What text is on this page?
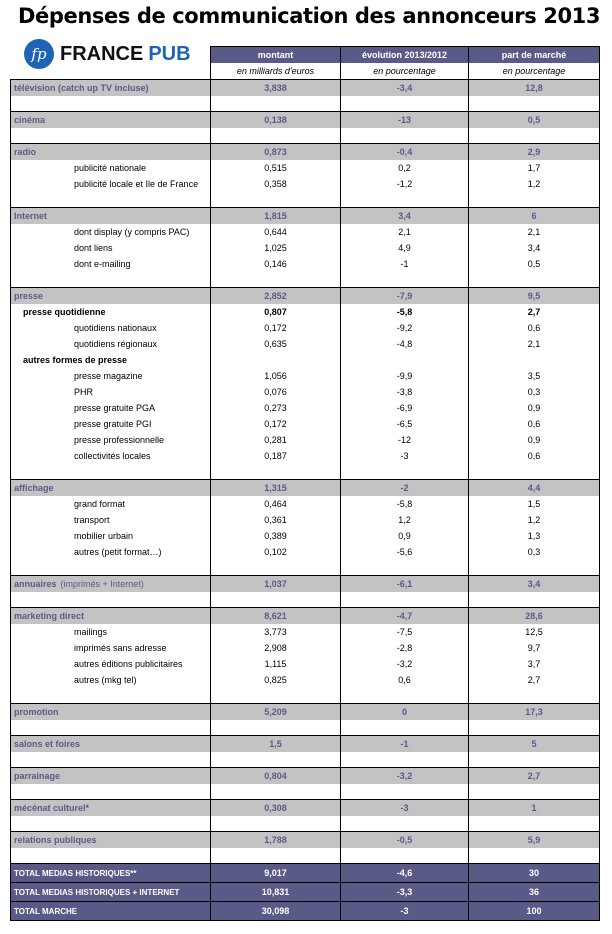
Dépenses de communication des annonceurs 2013
fp FRANCE PUB
		montant	évolution 2013/2012	part de marché
	en milliards d'euros	en pourcentage	en pourcentage
télévision (catch up TV incluse)	3,838	-3,4	12,8

cinéma	0,138	-13	0,5

radio	0,873	-0,4	2,9
publicité nationale	0,515	0,2	1,7
publicité locale et Ile de France	0,358	-1,2	1,2

Internet	1,815	3,4	6
dont display (y compris PAC)	0,644	2,1	2,1
dont liens	1,025	4,9	3,4
dont e-mailing	0,146	-1	0,5

presse	2,852	-7,9	9,5
presse quotidienne	0,807	-5,8	2,7
quotidiens nationaux	0,172	-9,2	0,6
quotidiens régionaux	0,635	-4,8	2,1
autres formes de presse			
presse magazine	1,056	-9,9	3,5
PHR	0,076	-3,8	0,3
presse gratuite PGA	0,273	-6,9	0,9
presse gratuite PGI	0,172	-6,5	0,6
presse professionnelle	0,281	-12	0,9
collectivités locales	0,187	-3	0,6

affichage	1,315	-2	4,4
grand format	0,464	-5,8	1,5
transport	0,361	1,2	1,2
mobilier urbain	0,389	0,9	1,3
autres (petit format…)	0,102	-5,6	0,3

annuaires (imprimés + Internet)	1,037	-6,1	3,4

marketing direct	8,621	-4,7	28,6
mailings	3,773	-7,5	12,5
imprimés sans adresse	2,908	-2,8	9,7
autres éditions publicitaires	1,115	-3,2	3,7
autres (mkg tel)	0,825	0,6	2,7

promotion	5,209	0	17,3

salons et foires	1,5	-1	5

parrainage	0,804	-3,2	2,7

mécénat culturel*	0,308	-3	1

relations publiques	1,788	-0,5	5,9

TOTAL MEDIAS HISTORIQUES**	9,017	-4,6	30
TOTAL MEDIAS HISTORIQUES + INTERNET	10,831	-3,3	36
TOTAL MARCHE	30,098	-3	100
